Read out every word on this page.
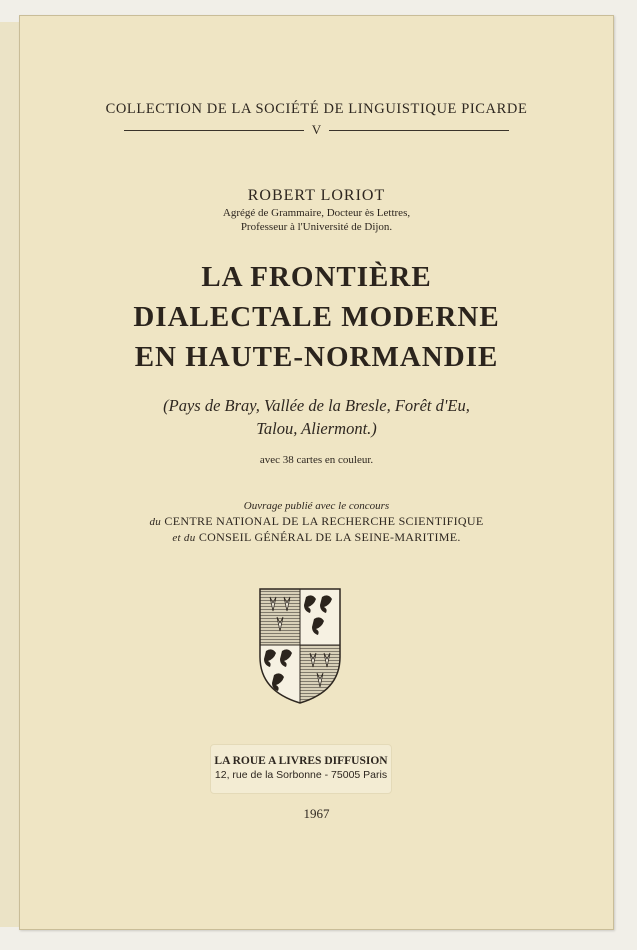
COLLECTION DE LA SOCIÉTÉ DE LINGUISTIQUE PICARDE
V
ROBERT LORIOT
Agrégé de Grammaire, Docteur ès Lettres,
Professeur à l'Université de Dijon.
LA FRONTIÈRE
DIALECTALE MODERNE
EN HAUTE-NORMANDIE
(Pays de Bray, Vallée de la Bresle, Forêt d'Eu,
Talou, Aliermont.)
avec 38 cartes en couleur.
Ouvrage publié avec le concours
du CENTRE NATIONAL DE LA RECHERCHE SCIENTIFIQUE
et du CONSEIL GÉNÉRAL DE LA SEINE-MARITIME.
LA ROUE A LIVRES DIFFUSION
12, rue de la Sorbonne - 75005 Paris
1967
